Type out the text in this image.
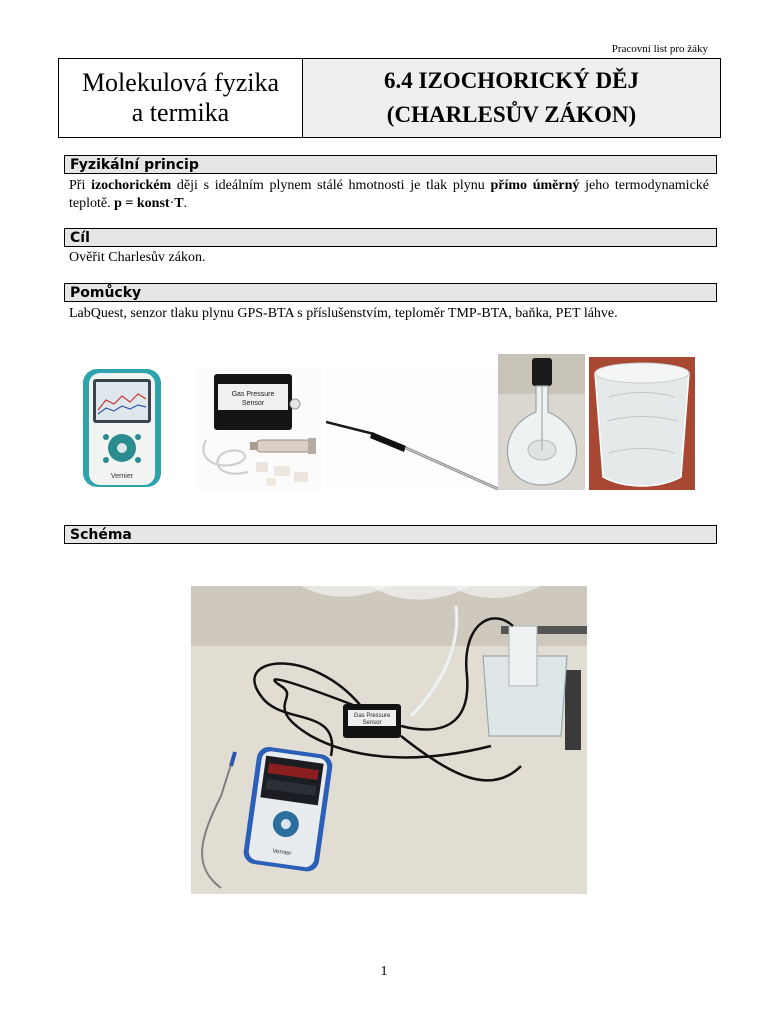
Pracovní list pro žáky
Molekulová fyzika
a termika
6.4 IZOCHORICKÝ DĚJ
(CHARLESŮV ZÁKON)
Fyzikální princip
Při izochorickém ději s ideálním plynem stálé hmotnosti je tlak plynu přímo úměrný jeho termodynamické teplotě. p = konst·T.
Cíl
Ověřit Charlesův zákon.
Pomůcky
LabQuest, senzor tlaku plynu GPS-BTA s příslušenstvím, teploměr TMP-BTA, baňka, PET láhve.
Vernier
Gas Pressure
Sensor
Schéma
Gas Pressure
Sensor
Vernier
1
